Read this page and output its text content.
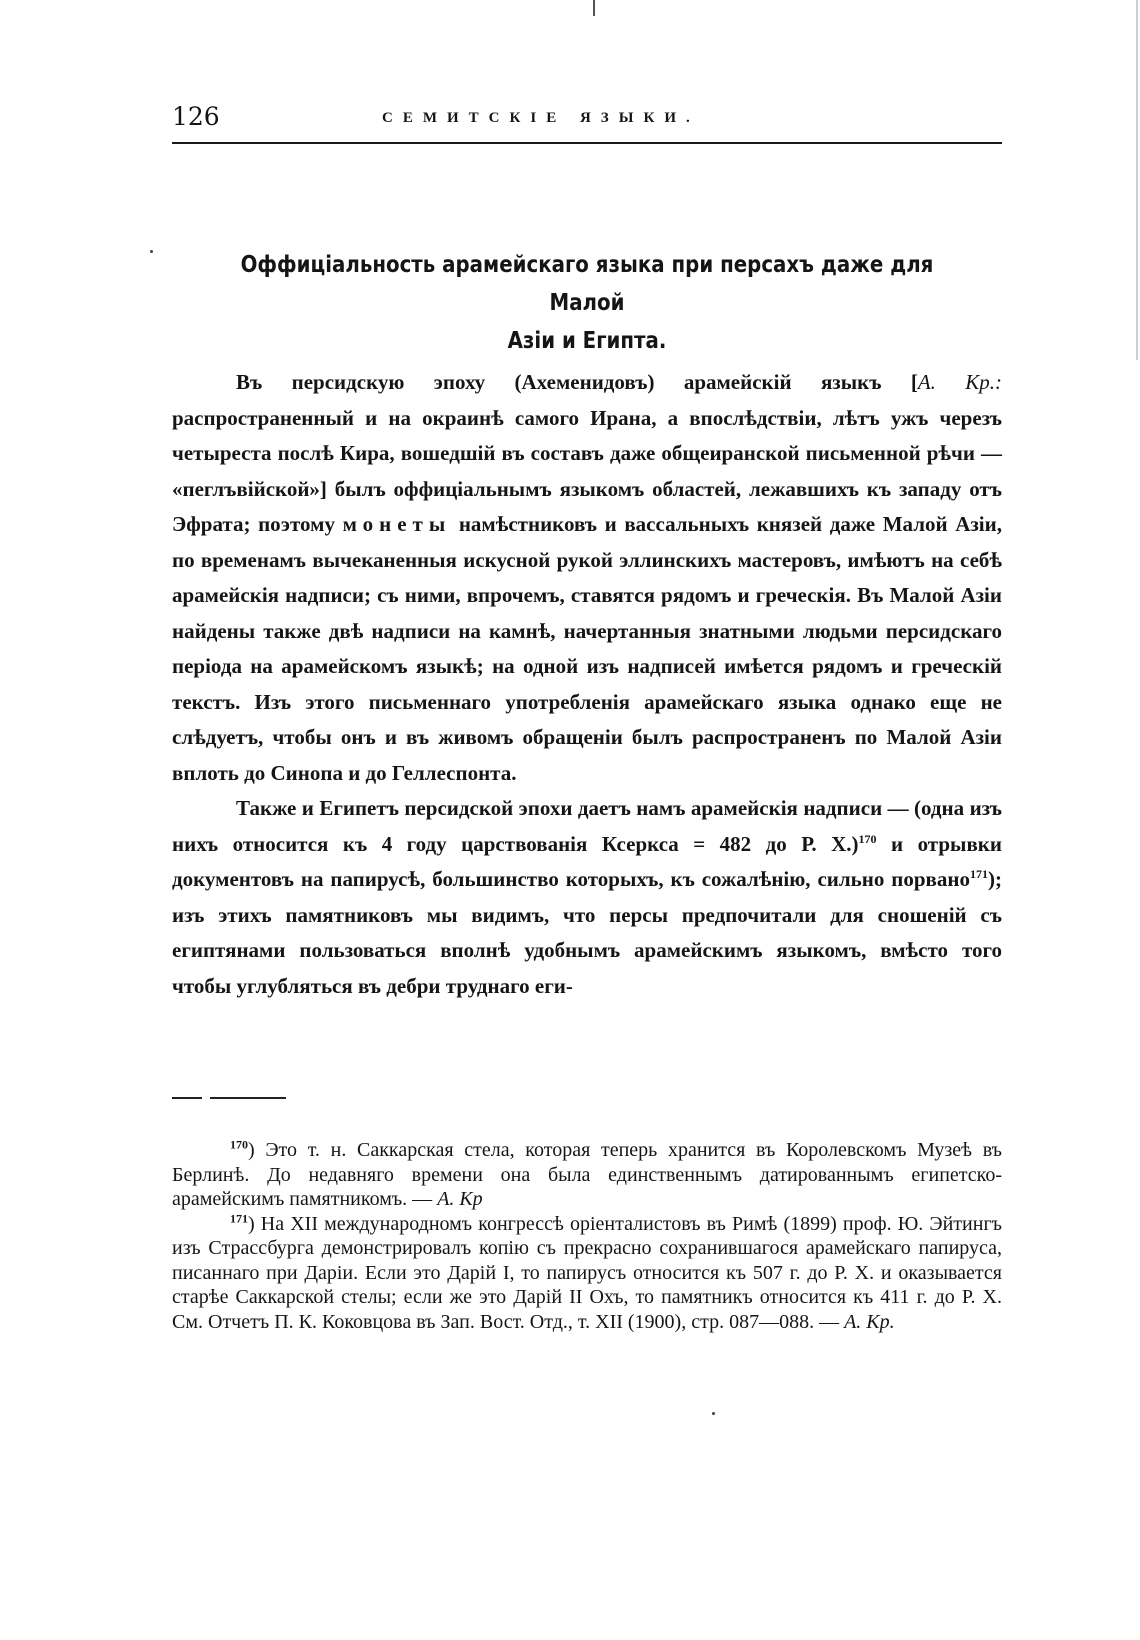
126	СЕМИТСКІЕ ЯЗЫКИ.
Оффиціальность арамейскаго языка при персахъ даже для Малой
Азіи и Египта.

Въ персидскую эпоху (Ахеменидовъ) арамейскій языкъ [А. Кр.: распространенный и на окраинѣ самого Ирана, а впослѣдствіи, лѣтъ ужъ черезъ четыреста послѣ Кира, вошедшій въ составъ даже общеиранской письменной рѣчи — «пеглъвійской»] былъ оффиціальнымъ языкомъ областей, лежавшихъ къ западу отъ Эфрата; поэтому монеты намѣстниковъ и вассальныхъ князей даже Малой Азіи, по временамъ вычеканенныя искусной рукой эллинскихъ мастеровъ, имѣютъ на себѣ арамейскія надписи; съ ними, впрочемъ, ставятся рядомъ и греческія. Въ Малой Азіи найдены также двѣ надписи на камнѣ, начертанныя знатными людьми персидскаго періода на арамейскомъ языкѣ; на одной изъ надписей имѣется рядомъ и греческій текстъ. Изъ этого письменнаго употребленія арамейскаго языка однако еще не слѣдуетъ, чтобы онъ и въ живомъ обращеніи былъ распространенъ по Малой Азіи вплоть до Синопа и до Геллеспонта.

Также и Египетъ персидской эпохи даетъ намъ арамейскія надписи — (одна изъ нихъ относится къ 4 году царствованія Ксеркса = 482 до Р. Х.)$^{170}$ и отрывки документовъ на папирусѣ, большинство которыхъ, къ сожалѣнію, сильно порвано$^{171}$); изъ этихъ памятниковъ мы видимъ, что персы предпочитали для сношеній съ египтянами пользоваться вполнѣ удобнымъ арамейскимъ языкомъ, вмѣсто того чтобы углубляться въ дебри труднаго еги-

$^{170}$) Это т. н. Саккарская стела, которая теперь хранится въ Королевскомъ Музеѣ въ Берлинѣ. До недавняго времени она была единственнымъ датированнымъ египетско-арамейскимъ памятникомъ. — А. Кр

$^{171}$) На XII международномъ конгрессѣ оріенталистовъ въ Римѣ (1899) проф. Ю. Эйтингъ изъ Страссбурга демонстрировалъ копію съ прекрасно сохранившагося арамейскаго папируса, писаннаго при Даріи. Если это Дарій I, то папирусъ относится къ 507 г. до Р. Х. и оказывается старѣе Саккарской стелы; если же это Дарій II Охъ, то памятникъ относится къ 411 г. до Р. Х. См. Отчетъ П. К. Коковцова въ Зап. Вост. Отд., т. XII (1900), стр. 087—088. — А. Кр.
